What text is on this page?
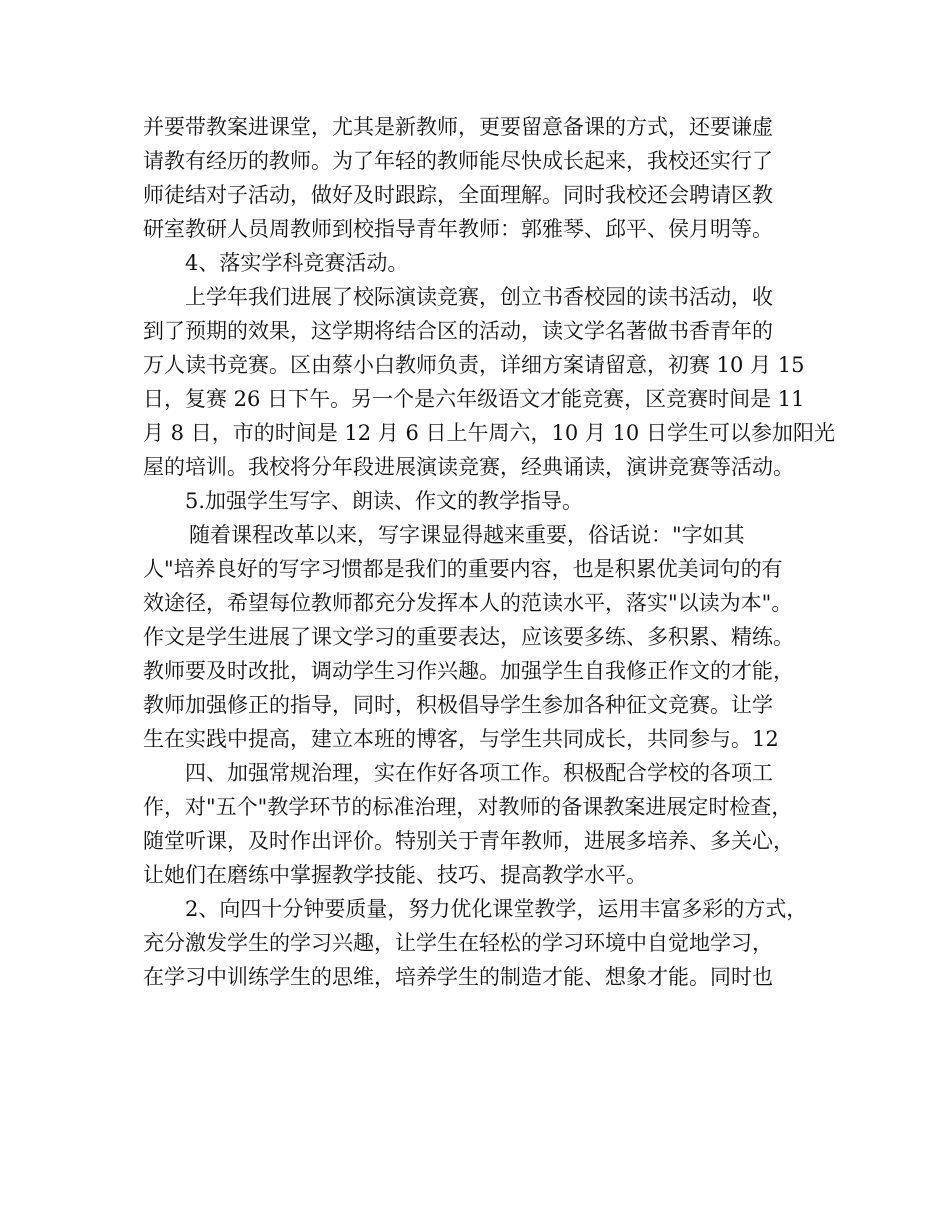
并要带教案进课堂，尤其是新教师，更要留意备课的方式，还要谦虚
请教有经历的教师。为了年轻的教师能尽快成长起来，我校还实行了
师徒结对子活动，做好及时跟踪，全面理解。同时我校还会聘请区教
研室教研人员周教师到校指导青年教师：郭雅琴、邱平、侯月明等。
4、落实学科竞赛活动。
上学年我们进展了校际演读竞赛，创立书香校园的读书活动，收
到了预期的效果，这学期将结合区的活动，读文学名著做书香青年的
万人读书竞赛。区由蔡小白教师负责，详细方案请留意，初赛 10 月 15
日，复赛 26 日下午。另一个是六年级语文才能竞赛，区竞赛时间是 11
月 8 日，市的时间是 12 月 6 日上午周六，10 月 10 日学生可以参加阳光
屋的培训。我校将分年段进展演读竞赛，经典诵读，演讲竞赛等活动。
5.加强学生写字、朗读、作文的教学指导。
随着课程改革以来，写字课显得越来重要，俗话说："字如其
人"培养良好的写字习惯都是我们的重要内容，也是积累优美词句的有
效途径，希望每位教师都充分发挥本人的范读水平，落实"以读为本"。
作文是学生进展了课文学习的重要表达，应该要多练、多积累、精练。
教师要及时改批，调动学生习作兴趣。加强学生自我修正作文的才能，
教师加强修正的指导，同时，积极倡导学生参加各种征文竞赛。让学
生在实践中提高，建立本班的博客，与学生共同成长，共同参与。12
四、加强常规治理，实在作好各项工作。积极配合学校的各项工
作，对"五个"教学环节的标准治理，对教师的备课教案进展定时检查，
随堂听课，及时作出评价。特别关于青年教师，进展多培养、多关心，
让她们在磨练中掌握教学技能、技巧、提高教学水平。
2、向四十分钟要质量，努力优化课堂教学，运用丰富多彩的方式，
充分激发学生的学习兴趣，让学生在轻松的学习环境中自觉地学习，
在学习中训练学生的思维，培养学生的制造才能、想象才能。同时也
